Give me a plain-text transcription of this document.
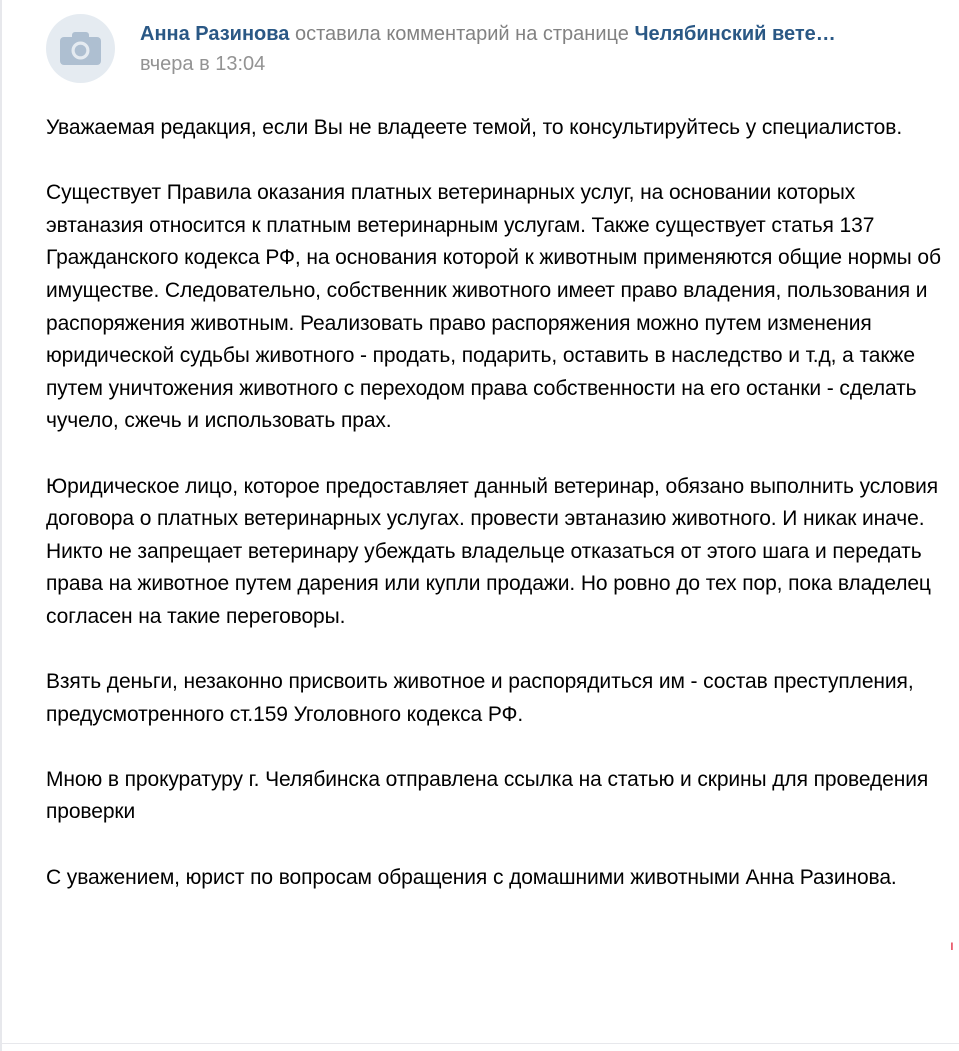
Анна Разинова оставила комментарий на странице Челябинский вете…
вчера в 13:04

Уважаемая редакция, если Вы не владеете темой, то консультируйтесь у специалистов.

Существует Правила оказания платных ветеринарных услуг, на основании которых эвтаназия относится к платным ветеринарным услугам. Также существует статья 137 Гражданского кодекса РФ, на основания которой к животным применяются общие нормы об имуществе. Следовательно, собственник животного имеет право владения, пользования и распоряжения животным. Реализовать право распоряжения можно путем изменения юридической судьбы животного - продать, подарить, оставить в наследство и т.д, а также путем уничтожения животного с переходом права собственности на его останки - сделать чучело, сжечь и использовать прах.

Юридическое лицо, которое предоставляет данный ветеринар, обязано выполнить условия договора о платных ветеринарных услугах. провести эвтаназию животного. И никак иначе. Никто не запрещает ветеринару убеждать владельце отказаться от этого шага и передать права на животное путем дарения или купли продажи. Но ровно до тех пор, пока владелец согласен на такие переговоры.

Взять деньги, незаконно присвоить животное и распорядиться им - состав преступления, предусмотренного ст.159 Уголовного кодекса РФ.

Мною в прокуратуру г. Челябинска отправлена ссылка на статью и скрины для проведения проверки

С уважением, юрист по вопросам обращения с домашними животными Анна Разинова.

ı
